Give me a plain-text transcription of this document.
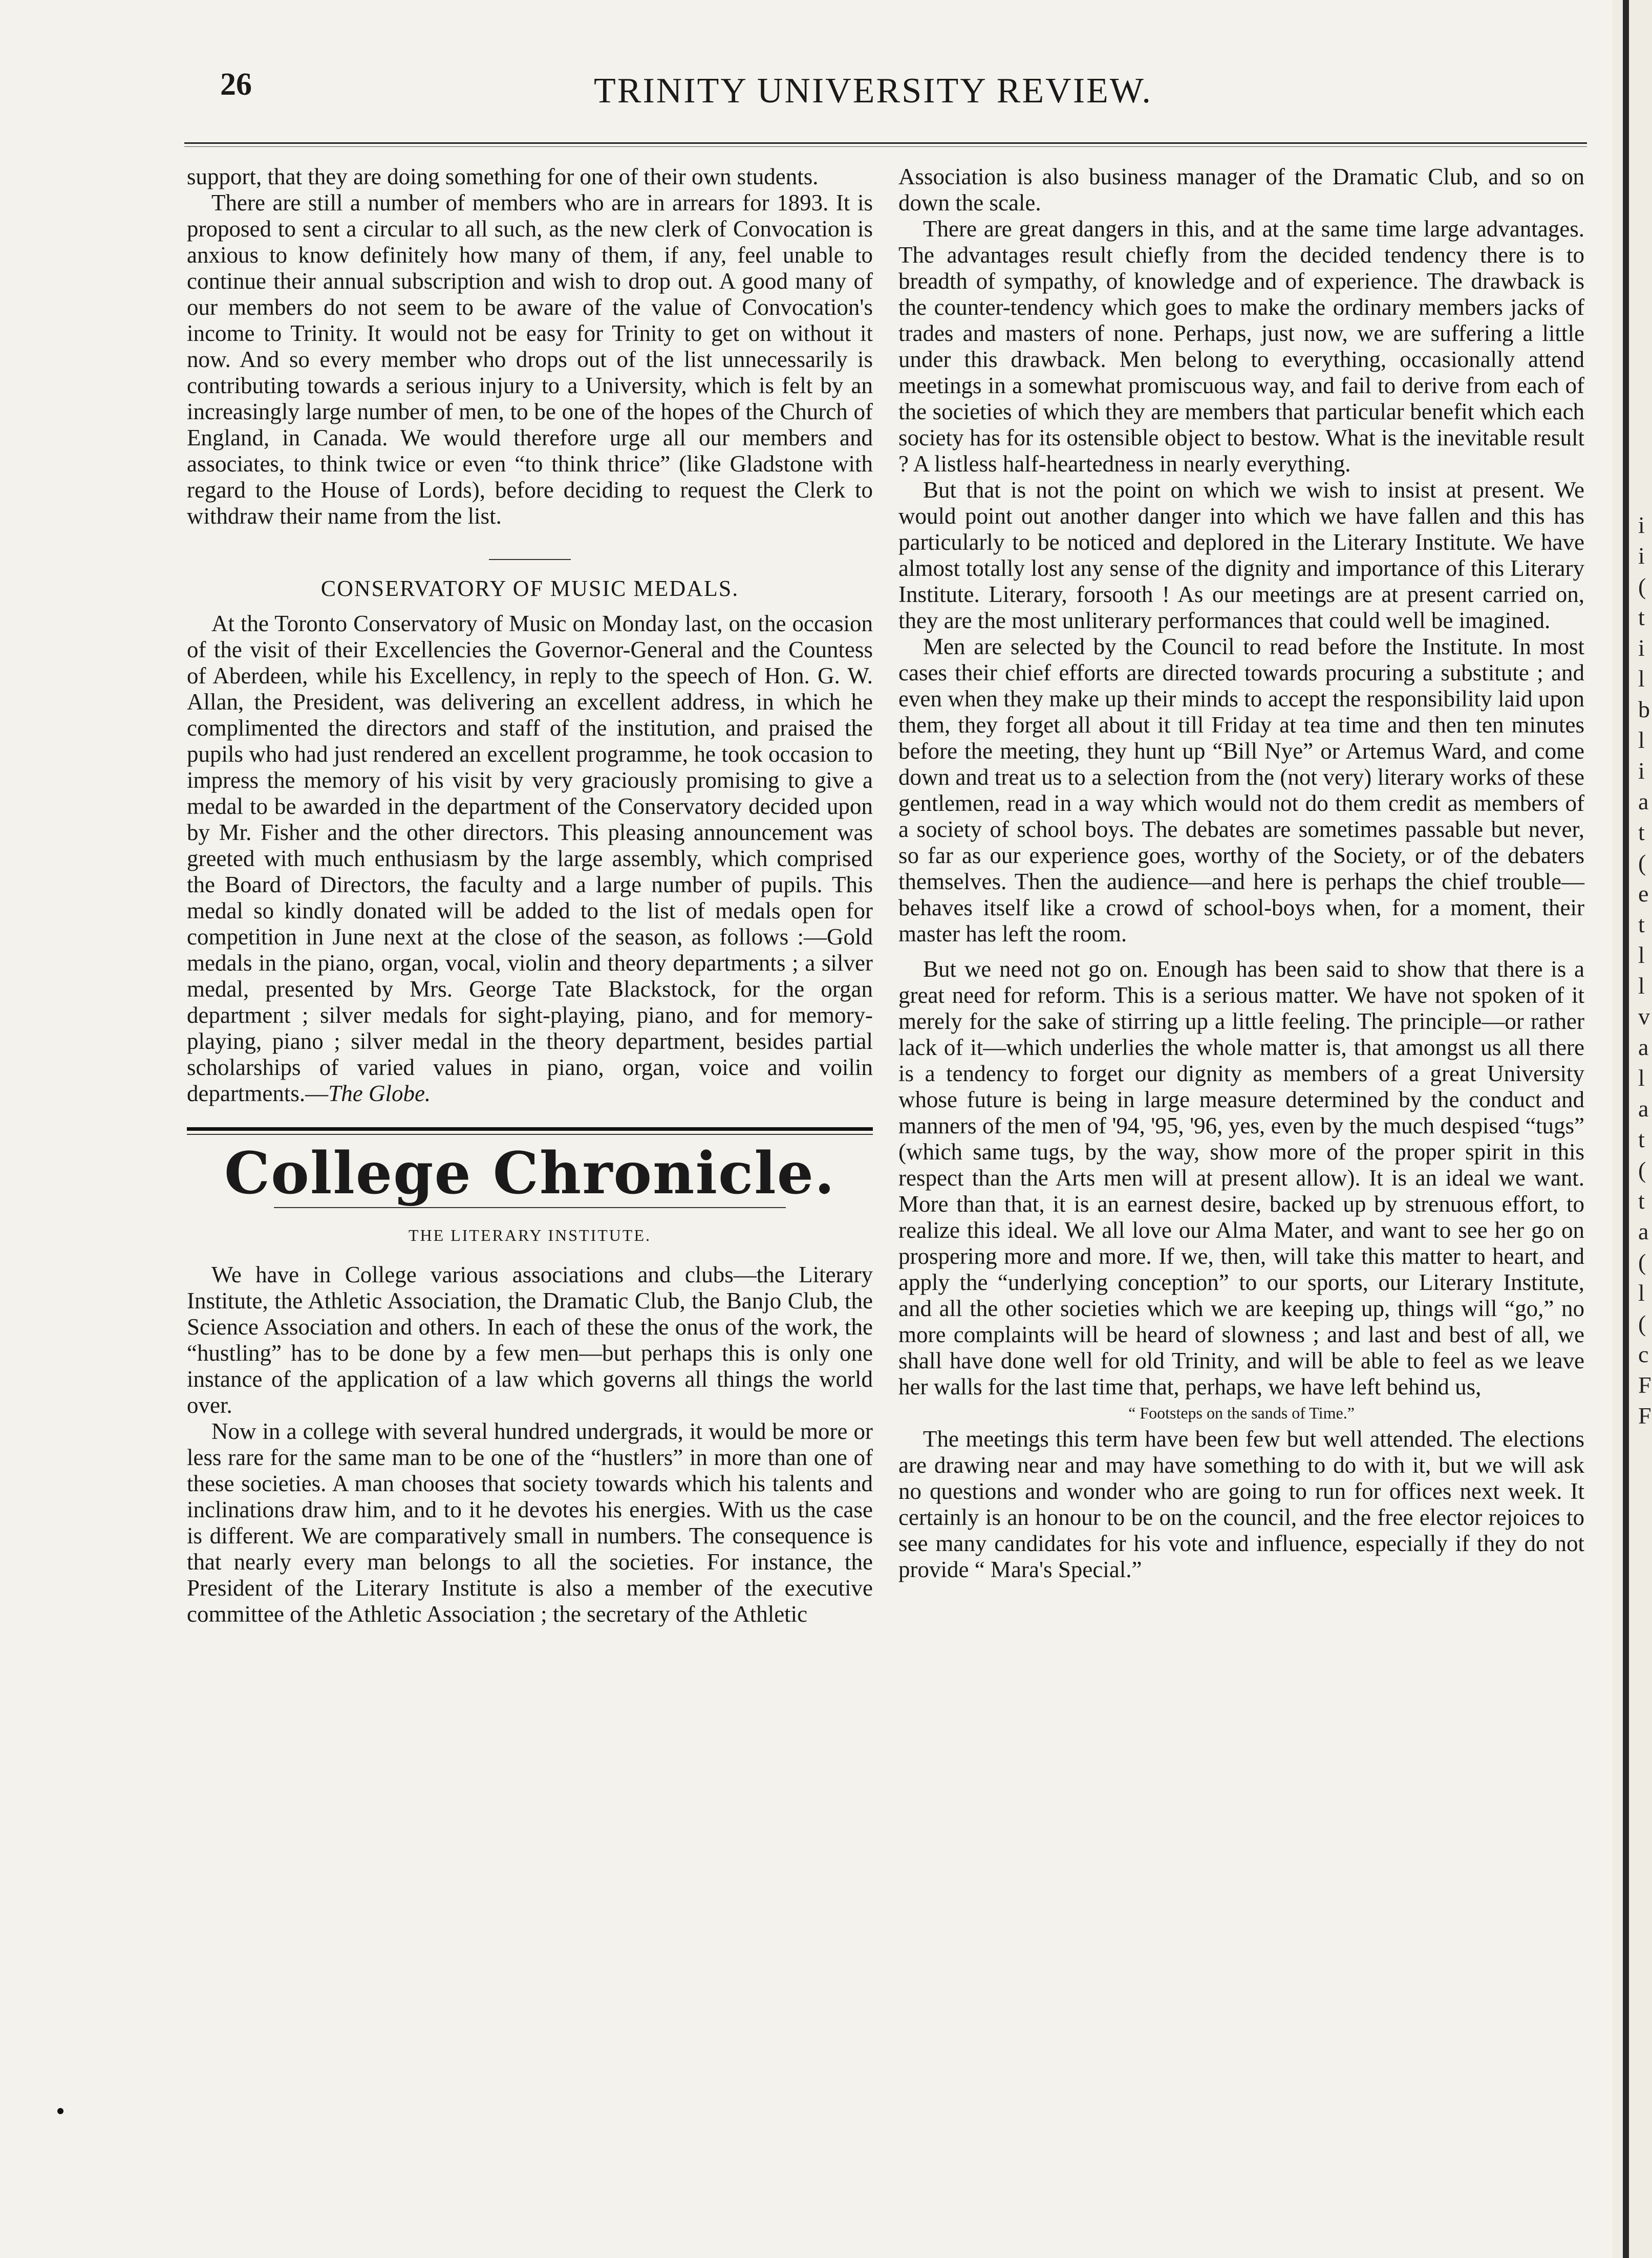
26	TRINITY UNIVERSITY REVIEW.

support, that they are doing something for one of their own students.

There are still a number of members who are in arrears for 1893. It is proposed to sent a circular to all such, as the new clerk of Convocation is anxious to know definitely how many of them, if any, feel unable to continue their annual subscription and wish to drop out. A good many of our members do not seem to be aware of the value of Convocation's income to Trinity. It would not be easy for Trinity to get on without it now. And so every member who drops out of the list unnecessarily is contributing towards a serious injury to a University, which is felt by an increasingly large number of men, to be one of the hopes of the Church of England, in Canada. We would therefore urge all our members and associates, to think twice or even “to think thrice” (like Gladstone with regard to the House of Lords), before deciding to request the Clerk to withdraw their name from the list.

CONSERVATORY OF MUSIC MEDALS.

At the Toronto Conservatory of Music on Monday last, on the occasion of the visit of their Excellencies the Governor-General and the Countess of Aberdeen, while his Excellency, in reply to the speech of Hon. G. W. Allan, the President, was delivering an excellent address, in which he complimented the directors and staff of the institution, and praised the pupils who had just rendered an excellent programme, he took occasion to impress the memory of his visit by very graciously promising to give a medal to be awarded in the department of the Conservatory decided upon by Mr. Fisher and the other directors. This pleasing announcement was greeted with much enthusiasm by the large assembly, which comprised the Board of Directors, the faculty and a large number of pupils. This medal so kindly donated will be added to the list of medals open for competition in June next at the close of the season, as follows :—Gold medals in the piano, organ, vocal, violin and theory departments ; a silver medal, presented by Mrs. George Tate Blackstock, for the organ department ; silver medals for sight-playing, piano, and for memory-playing, piano ; silver medal in the theory department, besides partial scholarships of varied values in piano, organ, voice and voilin departments.—The Globe.

College Chronicle.
THE LITERARY INSTITUTE.

We have in College various associations and clubs—the Literary Institute, the Athletic Association, the Dramatic Club, the Banjo Club, the Science Association and others. In each of these the onus of the work, the “hustling” has to be done by a few men—but perhaps this is only one instance of the application of a law which governs all things the world over.

Now in a college with several hundred undergrads, it would be more or less rare for the same man to be one of the “hustlers” in more than one of these societies. A man chooses that society towards which his talents and inclinations draw him, and to it he devotes his energies. With us the case is different. We are comparatively small in numbers. The consequence is that nearly every man belongs to all the societies. For instance, the President of the Literary Institute is also a member of the executive committee of the Athletic Association ; the secretary of the Athletic

Association is also business manager of the Dramatic Club, and so on down the scale.

There are great dangers in this, and at the same time large advantages. The advantages result chiefly from the decided tendency there is to breadth of sympathy, of knowledge and of experience. The drawback is the counter-tendency which goes to make the ordinary members jacks of trades and masters of none. Perhaps, just now, we are suffering a little under this drawback. Men belong to everything, occasionally attend meetings in a somewhat promiscuous way, and fail to derive from each of the societies of which they are members that particular benefit which each society has for its ostensible object to bestow. What is the inevitable result ? A listless half-heartedness in nearly everything.

But that is not the point on which we wish to insist at present. We would point out another danger into which we have fallen and this has particularly to be noticed and deplored in the Literary Institute. We have almost totally lost any sense of the dignity and importance of this Literary Institute. Literary, forsooth ! As our meetings are at present carried on, they are the most unliterary performances that could well be imagined.

Men are selected by the Council to read before the Institute. In most cases their chief efforts are directed towards procuring a substitute ; and even when they make up their minds to accept the responsibility laid upon them, they forget all about it till Friday at tea time and then ten minutes before the meeting, they hunt up “Bill Nye” or Artemus Ward, and come down and treat us to a selection from the (not very) literary works of these gentlemen, read in a way which would not do them credit as members of a society of school boys. The debates are sometimes passable but never, so far as our experience goes, worthy of the Society, or of the debaters themselves. Then the audience—and here is perhaps the chief trouble—behaves itself like a crowd of school-boys when, for a moment, their master has left the room.

But we need not go on. Enough has been said to show that there is a great need for reform. This is a serious matter. We have not spoken of it merely for the sake of stirring up a little feeling. The principle—or rather lack of it—which underlies the whole matter is, that amongst us all there is a tendency to forget our dignity as members of a great University whose future is being in large measure determined by the conduct and manners of the men of '94, '95, '96, yes, even by the much despised “tugs” (which same tugs, by the way, show more of the proper spirit in this respect than the Arts men will at present allow). It is an ideal we want. More than that, it is an earnest desire, backed up by strenuous effort, to realize this ideal. We all love our Alma Mater, and want to see her go on prospering more and more. If we, then, will take this matter to heart, and apply the “underlying conception” to our sports, our Literary Institute, and all the other societies which we are keeping up, things will “go,” no more complaints will be heard of slowness ; and last and best of all, we shall have done well for old Trinity, and will be able to feel as we leave her walls for the last time that, perhaps, we have left behind us,

“ Footsteps on the sands of Time.”

The meetings this term have been few but well attended. The elections are drawing near and may have something to do with it, but we will ask no questions and wonder who are going to run for offices next week. It certainly is an honour to be on the council, and the free elector rejoices to see many candidates for his vote and influence, especially if they do not provide “ Mara's Special.”

i
i
(
t
i
l
b
l
i
a
t
(
e
t
l
l
v
a
l
a
t
(
t
a
(
l
(
c
F
F
